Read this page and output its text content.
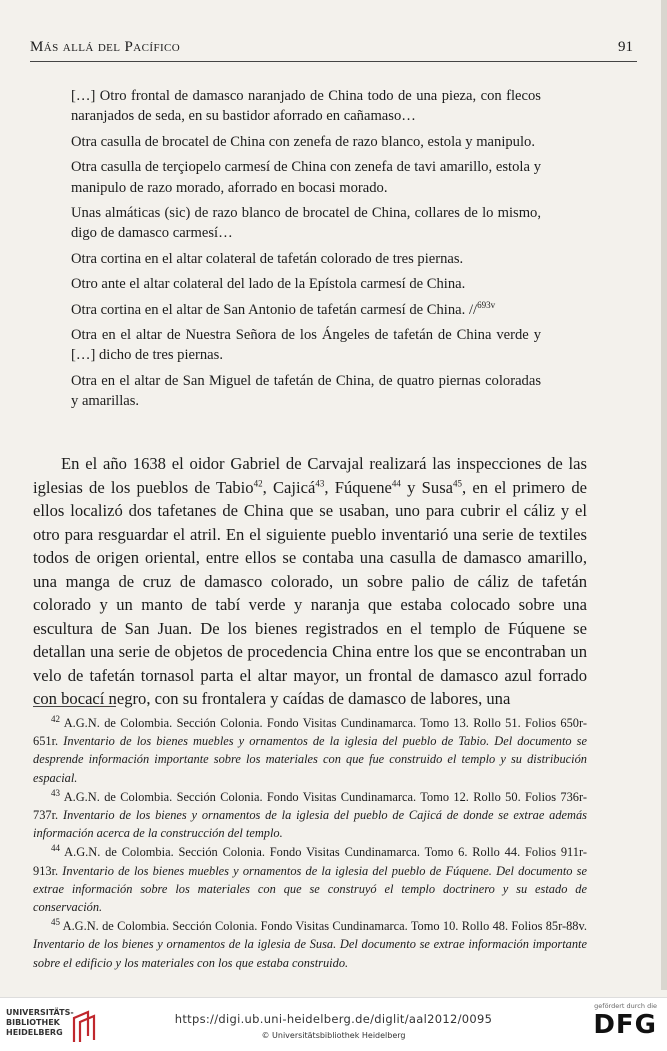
Más allá del Pacífico	91

[…] Otro frontal de damasco naranjado de China todo de una pieza, con flecos naranjados de seda, en su bastidor aforrado en cañamaso…

Otra casulla de brocatel de China con zenefa de razo blanco, estola y manipulo.

Otra casulla de terçiopelo carmesí de China con zenefa de tavi amarillo, estola y manipulo de razo morado, aforrado en bocasi morado.

Unas almáticas (sic) de razo blanco de brocatel de China, collares de lo mismo, digo de damasco carmesí…

Otra cortina en el altar colateral de tafetán colorado de tres piernas.

Otro ante el altar colateral del lado de la Epístola carmesí de China.

Otra cortina en el altar de San Antonio de tafetán carmesí de China. //$^{693v}$

Otra en el altar de Nuestra Señora de los Ángeles de tafetán de China verde y […] dicho de tres piernas.

Otra en el altar de San Miguel de tafetán de China, de quatro piernas coloradas y amarillas.

En el año 1638 el oidor Gabriel de Carvajal realizará las inspecciones de las iglesias de los pueblos de Tabio$^{42}$, Cajicá$^{43}$, Fúquene$^{44}$ y Susa$^{45}$, en el primero de ellos localizó dos tafetanes de China que se usaban, uno para cubrir el cáliz y el otro para resguardar el atril. En el siguiente pueblo inventarió una serie de textiles todos de origen oriental, entre ellos se contaba una casulla de damasco amarillo, una manga de cruz de damasco colorado, un sobre palio de cáliz de tafetán colorado y un manto de tabí verde y naranja que estaba colocado sobre una escultura de San Juan. De los bienes registrados en el templo de Fúquene se detallan una serie de objetos de procedencia China entre los que se encontraban un velo de tafetán tornasol parta el altar mayor, un frontal de damasco azul forrado con bocací negro, con su frontalera y caídas de damasco de labores, una

$^{42}$ A.G.N. de Colombia. Sección Colonia. Fondo Visitas Cundinamarca. Tomo 13. Rollo 51. Folios 650r-651r. Inventario de los bienes muebles y ornamentos de la iglesia del pueblo de Tabio. Del documento se desprende información importante sobre los materiales con que fue construido el templo y su distribución espacial.

$^{43}$ A.G.N. de Colombia. Sección Colonia. Fondo Visitas Cundinamarca. Tomo 12. Rollo 50. Folios 736r-737r. Inventario de los bienes y ornamentos de la iglesia del pueblo de Cajicá de donde se extrae además información acerca de la construcción del templo.

$^{44}$ A.G.N. de Colombia. Sección Colonia. Fondo Visitas Cundinamarca. Tomo 6. Rollo 44. Folios 911r-913r. Inventario de los bienes muebles y ornamentos de la iglesia del pueblo de Fúquene. Del documento se extrae información sobre los materiales con que se construyó el templo doctrinero y su estado de conservación.

$^{45}$ A.G.N. de Colombia. Sección Colonia. Fondo Visitas Cundinamarca. Tomo 10. Rollo 48. Folios 85r-88v. Inventario de los bienes y ornamentos de la iglesia de Susa. Del documento se extrae información importante sobre el edificio y los materiales con los que estaba construido.

UNIVERSITÄTS-
BIBLIOTHEK
HEIDELBERG
https://digi.ub.uni-heidelberg.de/diglit/aal2012/0095
© Universitätsbibliothek Heidelberg
gefördert durch die
DFG
